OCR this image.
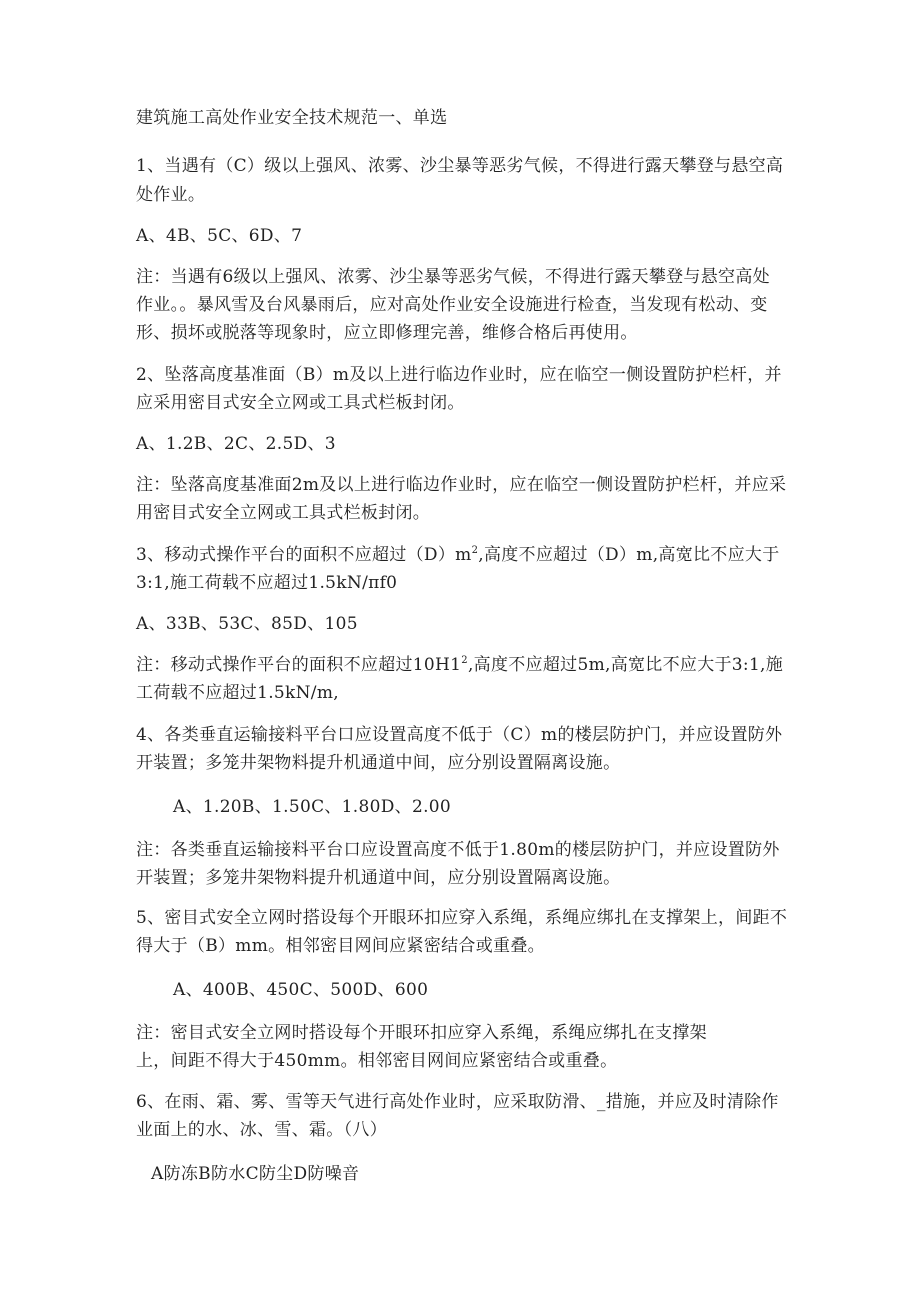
建筑施工高处作业安全技术规范一、单选
1、当遇有（C）级以上强风、浓雾、沙尘暴等恶劣气候，不得进行露天攀登与悬空高
处作业。
A、4B、5C、6D、7
注：当遇有6级以上强风、浓雾、沙尘暴等恶劣气候，不得进行露天攀登与悬空高处
作业。。暴风雪及台风暴雨后，应对高处作业安全设施进行检查，当发现有松动、变
形、损坏或脱落等现象时，应立即修理完善，维修合格后再使用。
2、坠落高度基准面（B）m及以上进行临边作业时，应在临空一侧设置防护栏杆，并
应采用密目式安全立网或工具式栏板封闭。
A、1.2B、2C、2.5D、3
注：坠落高度基准面2m及以上进行临边作业时，应在临空一侧设置防护栏杆，并应采
用密目式安全立网或工具式栏板封闭。
3、移动式操作平台的面积不应超过$(D)m^2$,高度不应超过（D）m,高宽比不应大于
3:1,施工荷载不应超过1.5kN/πf0
A、33B、53C、85D、105
注：移动式操作平台的面积不应超过$10H1^2$,高度不应超过5m,高宽比不应大于3:1,施
工荷载不应超过1.5kN/m,
4、各类垂直运输接料平台口应设置高度不低于（C）m的楼层防护门，并应设置防外
开装置；多笼井架物料提升机通道中间，应分别设置隔离设施。
A、1.20B、1.50C、1.80D、2.00
注：各类垂直运输接料平台口应设置高度不低于1.80m的楼层防护门，并应设置防外
开装置；多笼井架物料提升机通道中间，应分别设置隔离设施。
5、密目式安全立网时搭设每个开眼环扣应穿入系绳，系绳应绑扎在支撑架上，间距不
得大于（B）mm。相邻密目网间应紧密结合或重叠。
A、400B、450C、500D、600
注：密目式安全立网时搭设每个开眼环扣应穿入系绳，系绳应绑扎在支撑架
上，间距不得大于450mm。相邻密目网间应紧密结合或重叠。
6、在雨、霜、雾、雪等天气进行高处作业时，应采取防滑、_措施，并应及时清除作
业面上的水、冰、雪、霜。（八）
A防冻B防水C防尘D防噪音
